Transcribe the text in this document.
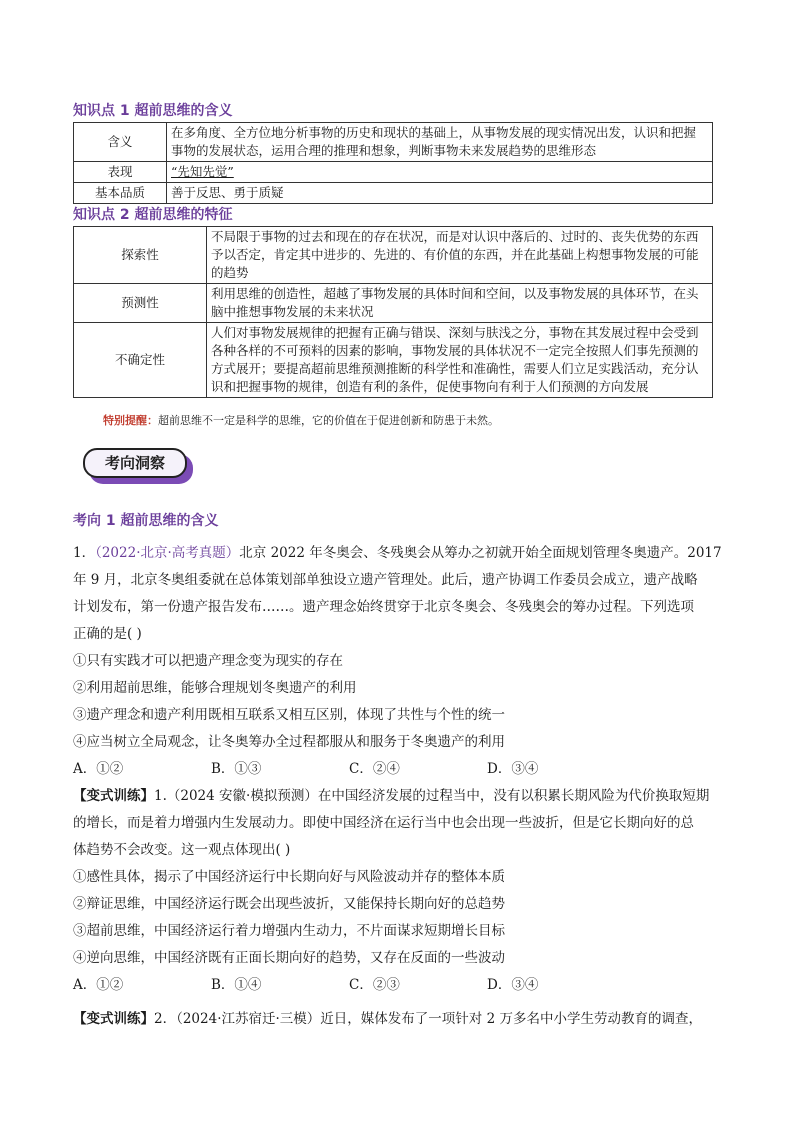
知识点 1 超前思维的含义
含义	在多角度、全方位地分析事物的历史和现状的基础上，从事物发展的现实情况出发，认识和把握事物的发展状态，运用合理的推理和想象，判断事物未来发展趋势的思维形态
表现	“先知先觉”
基本品质	善于反思、勇于质疑
知识点 2 超前思维的特征
探索性	不局限于事物的过去和现在的存在状况，而是对认识中落后的、过时的、丧失优势的东西予以否定，肯定其中进步的、先进的、有价值的东西，并在此基础上构想事物发展的可能的趋势
预测性	利用思维的创造性，超越了事物发展的具体时间和空间，以及事物发展的具体环节，在头脑中推想事物发展的未来状况
不确定性	人们对事物发展规律的把握有正确与错误、深刻与肤浅之分，事物在其发展过程中会受到各种各样的不可预料的因素的影响，事物发展的具体状况不一定完全按照人们事先预测的方式展开；要提高超前思维预测推断的科学性和准确性，需要人们立足实践活动，充分认识和把握事物的规律，创造有利的条件，促使事物向有利于人们预测的方向发展
特别提醒：超前思维不一定是科学的思维，它的价值在于促进创新和防患于未然。
考向洞察
考向 1 超前思维的含义
1．（2022·北京·高考真题）北京 2022 年冬奥会、冬残奥会从筹办之初就开始全面规划管理冬奥遗产。2017
年 9 月，北京冬奥组委就在总体策划部单独设立遗产管理处。此后，遗产协调工作委员会成立，遗产战略
计划发布，第一份遗产报告发布……。遗产理念始终贯穿于北京冬奥会、冬残奥会的筹办过程。下列选项
正确的是( )
①只有实践才可以把遗产理念变为现实的存在
②利用超前思维，能够合理规划冬奥遗产的利用
③遗产理念和遗产利用既相互联系又相互区别，体现了共性与个性的统一
④应当树立全局观念，让冬奥筹办全过程都服从和服务于冬奥遗产的利用
A．①②	B．①③	C．②④	D．③④
【变式训练】1.（2024 安徽·模拟预测）在中国经济发展的过程当中，没有以积累长期风险为代价换取短期
的增长，而是着力增强内生发展动力。即使中国经济在运行当中也会出现一些波折，但是它长期向好的总
体趋势不会改变。这一观点体现出( )
①感性具体，揭示了中国经济运行中长期向好与风险波动并存的整体本质
②辩证思维，中国经济运行既会出现些波折，又能保持长期向好的总趋势
③超前思维，中国经济运行着力增强内生动力，不片面谋求短期增长目标
④逆向思维，中国经济既有正面长期向好的趋势，又存在反面的一些波动
A．①②	B．①④	C．②③	D．③④
【变式训练】2．（2024·江苏宿迁·三模）近日，媒体发布了一项针对 2 万多名中小学生劳动教育的调查，
